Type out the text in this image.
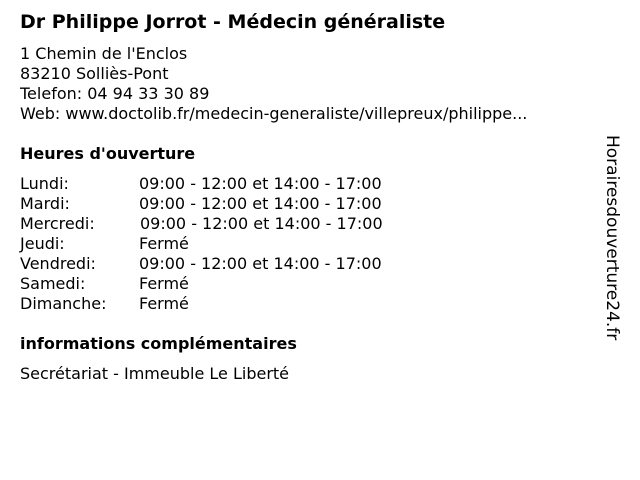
Dr Philippe Jorrot - Médecin généraliste
1 Chemin de l'Enclos
83210 Solliès-Pont
Telefon: 04 94 33 30 89
Web: www.doctolib.fr/medecin-generaliste/villepreux/philippe...
Heures d'ouverture
Lundi:	09:00 - 12:00 et 14:00 - 17:00
Mardi:	09:00 - 12:00 et 14:00 - 17:00
Mercredi:	09:00 - 12:00 et 14:00 - 17:00
Jeudi:	Fermé
Vendredi:	09:00 - 12:00 et 14:00 - 17:00
Samedi:	Fermé
Dimanche: Fermé
informations complémentaires
Secrétariat - Immeuble Le Liberté
Horairesdouverture24.fr
